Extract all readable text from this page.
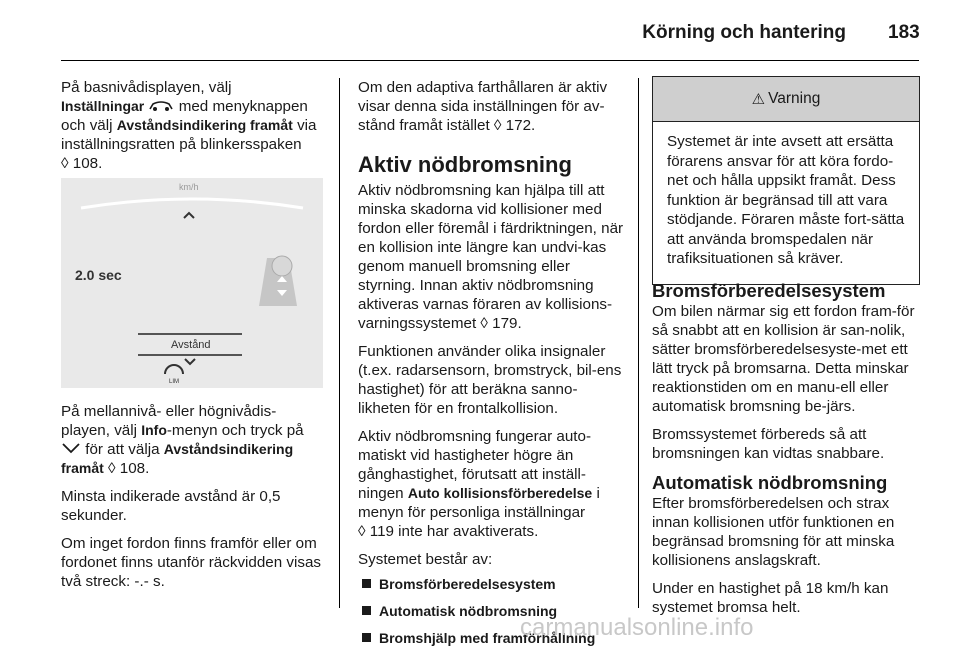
Körning och hantering 183

På basnivådisplayen, välj
Inställningar med menyknappen
och välj Avståndsindikering framåt via
inställningsratten på blinkersspaken
◊ 108.

km/h
2.0 sec
Avstånd
LIM

På mellannivå- eller högnivådis-
playen, välj Info-menyn och tryck på
för att välja Avståndsindikering
framåt ◊ 108.

Minsta indikerade avstånd är 0,5 sekunder.

Om inget fordon finns framför eller om fordonet finns utanför räckvidden visas två streck: -.- s.

Om den adaptiva farthållaren är aktiv visar denna sida inställningen för av-stånd framåt istället ◊ 172.

Aktiv nödbromsning

Aktiv nödbromsning kan hjälpa till att minska skadorna vid kollisioner med fordon eller föremål i färdriktningen, när en kollision inte längre kan undvi-kas genom manuell bromsning eller styrning. Innan aktiv nödbromsning aktiveras varnas föraren av kollisions-varningssystemet ◊ 179.

Funktionen använder olika insignaler (t.ex. radarsensorn, bromstryck, bil-ens hastighet) för att beräkna sanno-likheten för en frontalkollision.

Aktiv nödbromsning fungerar auto-matiskt vid hastigheter högre än gånghastighet, förutsatt att inställ-ningen Auto kollisionsförberedelse i menyn för personliga inställningar
◊ 119 inte har avaktiverats.

Systemet består av:

Bromsförberedelsesystem
Automatisk nödbromsning
Bromshjälp med framförhållning
⚠ Varning
Systemet är inte avsett att ersätta förarens ansvar för att köra fordo-net och hålla uppsikt framåt. Dess funktion är begränsad till att vara stödjande. Föraren måste fort-sätta att använda bromspedalen när trafiksituationen så kräver.
Bromsförberedelsesystem

Om bilen närmar sig ett fordon fram-för så snabbt att en kollision är san-nolik, sätter bromsförberedelsesyste-met ett lätt tryck på bromsarna. Detta minskar reaktionstiden om en manu-ell eller automatisk bromsning be-järs.

Bromssystemet förbereds så att bromsningen kan vidtas snabbare.

Automatisk nödbromsning

Efter bromsförberedelsen och strax innan kollisionen utför funktionen en begränsad bromsning för att minska kollisionens anslagskraft.

Under en hastighet på 18 km/h kan systemet bromsa helt.

carmanualsonline.info
